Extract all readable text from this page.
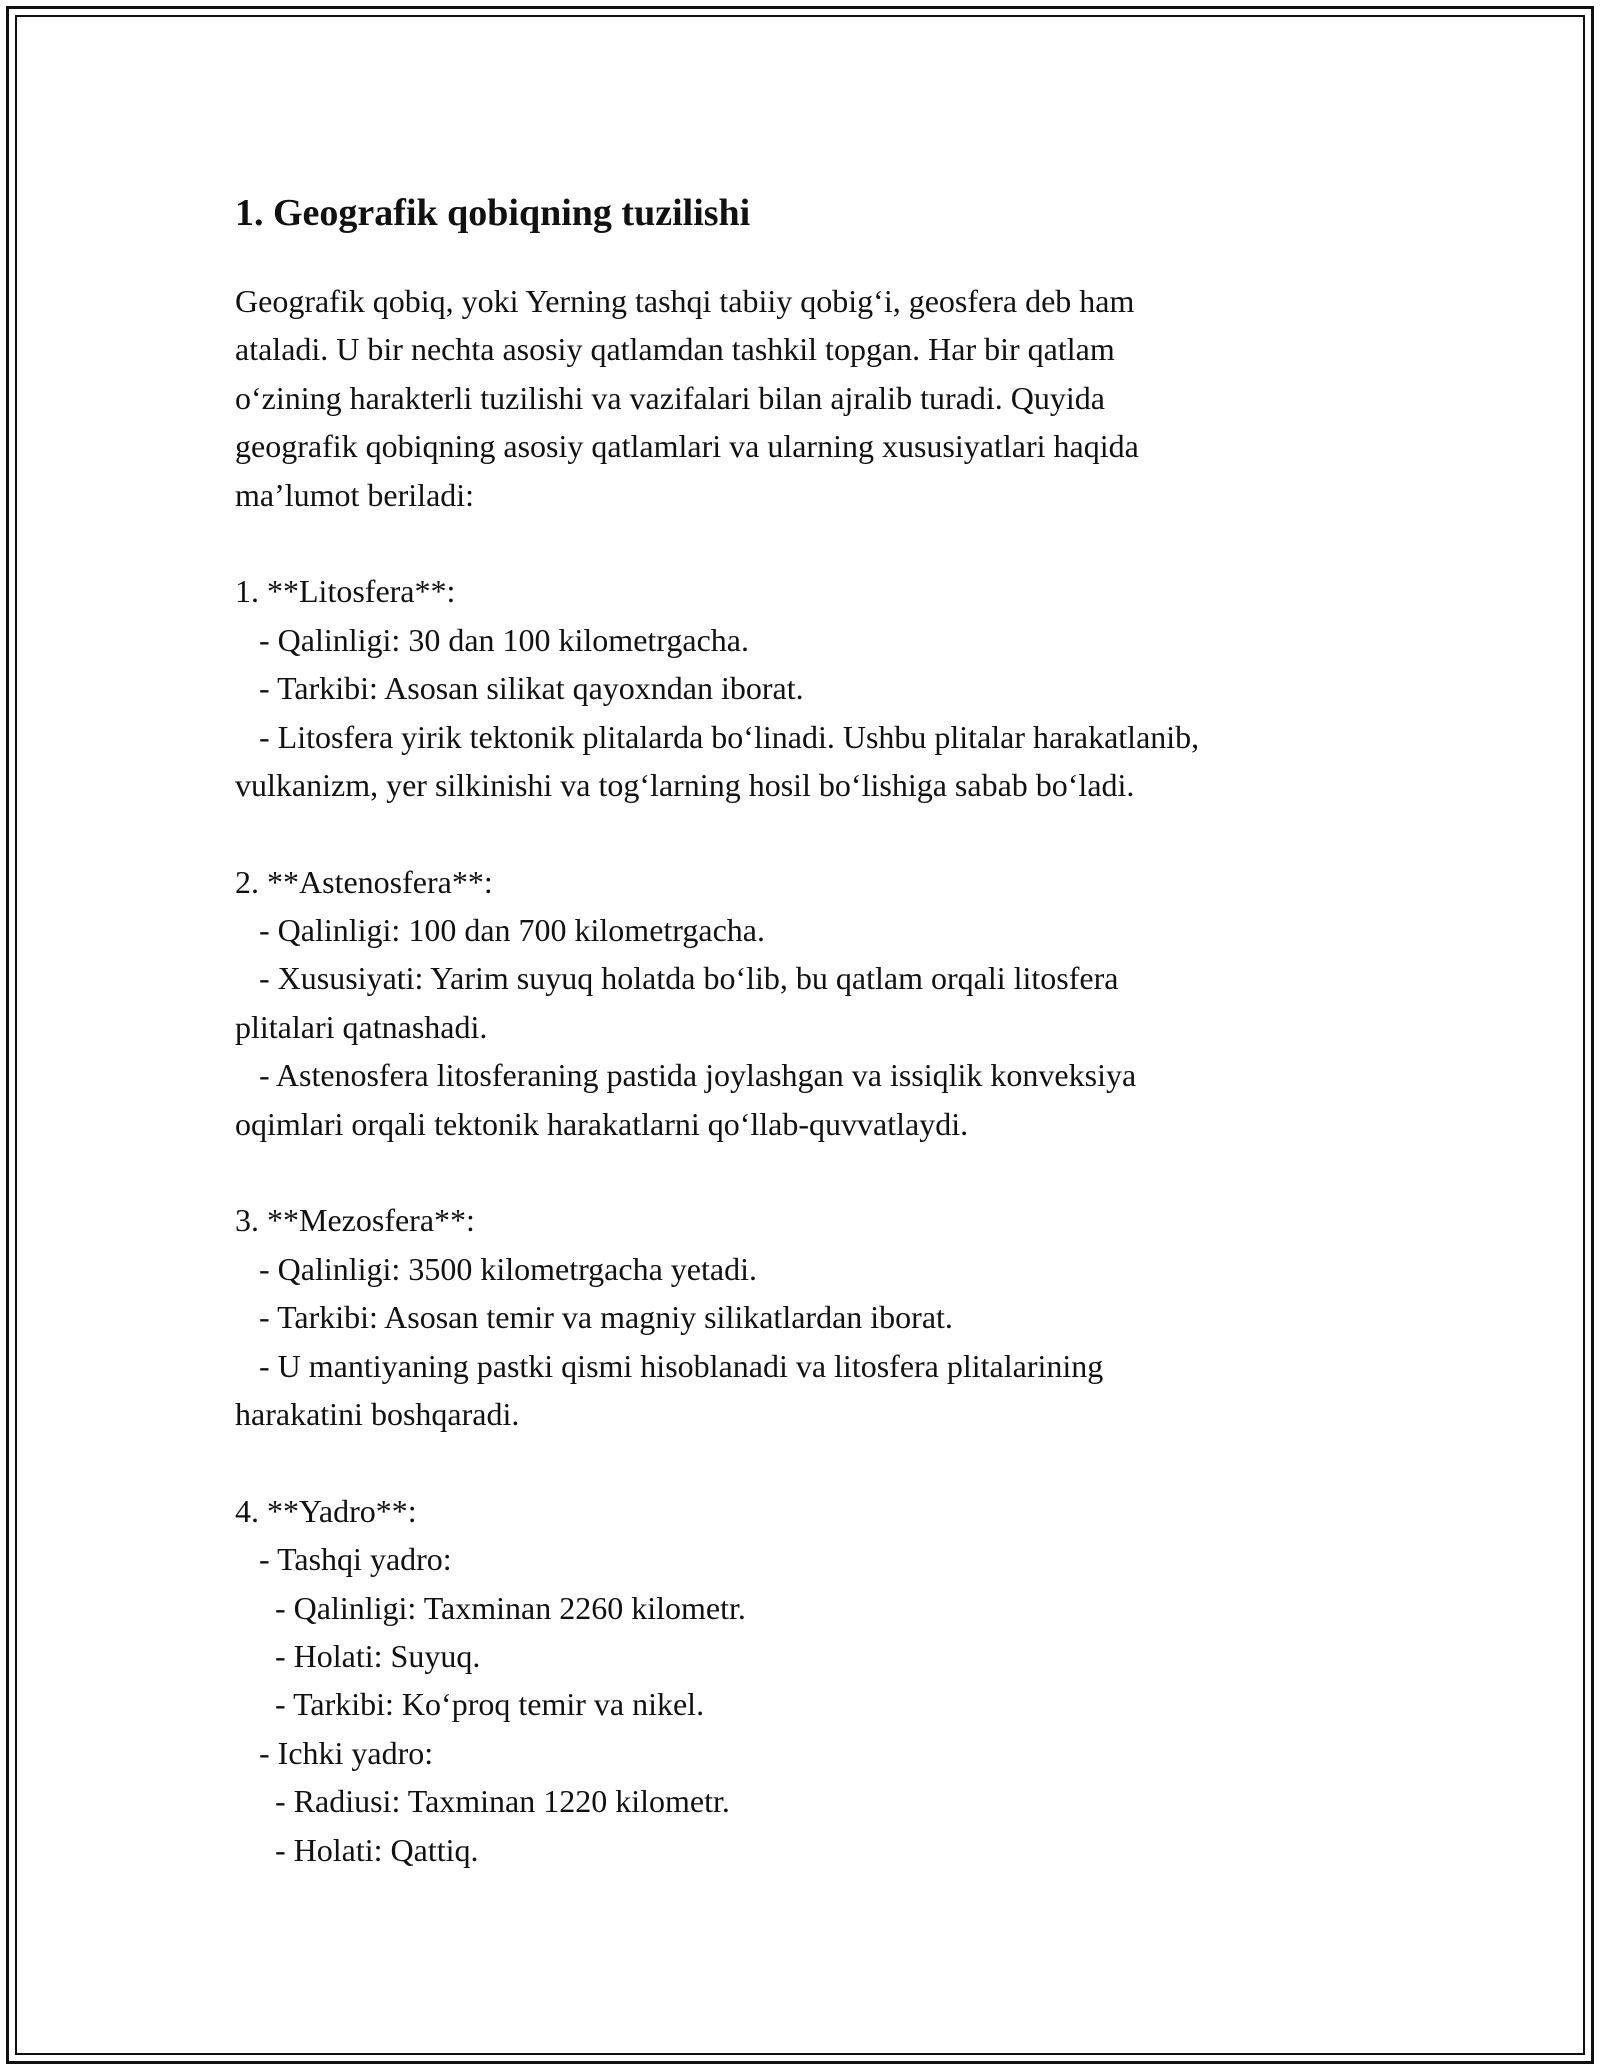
1. Geografik qobiqning tuzilishi
Geografik qobiq, yoki Yerning tashqi tabiiy qobig‘i, geosfera deb ham
ataladi. U bir nechta asosiy qatlamdan tashkil topgan. Har bir qatlam
o‘zining harakterli tuzilishi va vazifalari bilan ajralib turadi. Quyida
geografik qobiqning asosiy qatlamlari va ularning xususiyatlari haqida
ma’lumot beriladi:
1. **Litosfera**:
- Qalinligi: 30 dan 100 kilometrgacha.
- Tarkibi: Asosan silikat qayoxndan iborat.
- Litosfera yirik tektonik plitalarda bo‘linadi. Ushbu plitalar harakatlanib,
vulkanizm, yer silkinishi va tog‘larning hosil bo‘lishiga sabab bo‘ladi.
2. **Astenosfera**:
- Qalinligi: 100 dan 700 kilometrgacha.
- Xususiyati: Yarim suyuq holatda bo‘lib, bu qatlam orqali litosfera
plitalari qatnashadi.
- Astenosfera litosferaning pastida joylashgan va issiqlik konveksiya
oqimlari orqali tektonik harakatlarni qo‘llab-quvvatlaydi.
3. **Mezosfera**:
- Qalinligi: 3500 kilometrgacha yetadi.
- Tarkibi: Asosan temir va magniy silikatlardan iborat.
- U mantiyaning pastki qismi hisoblanadi va litosfera plitalarining
harakatini boshqaradi.
4. **Yadro**:
- Tashqi yadro:
- Qalinligi: Taxminan 2260 kilometr.
- Holati: Suyuq.
- Tarkibi: Ko‘proq temir va nikel.
- Ichki yadro:
- Radiusi: Taxminan 1220 kilometr.
- Holati: Qattiq.
